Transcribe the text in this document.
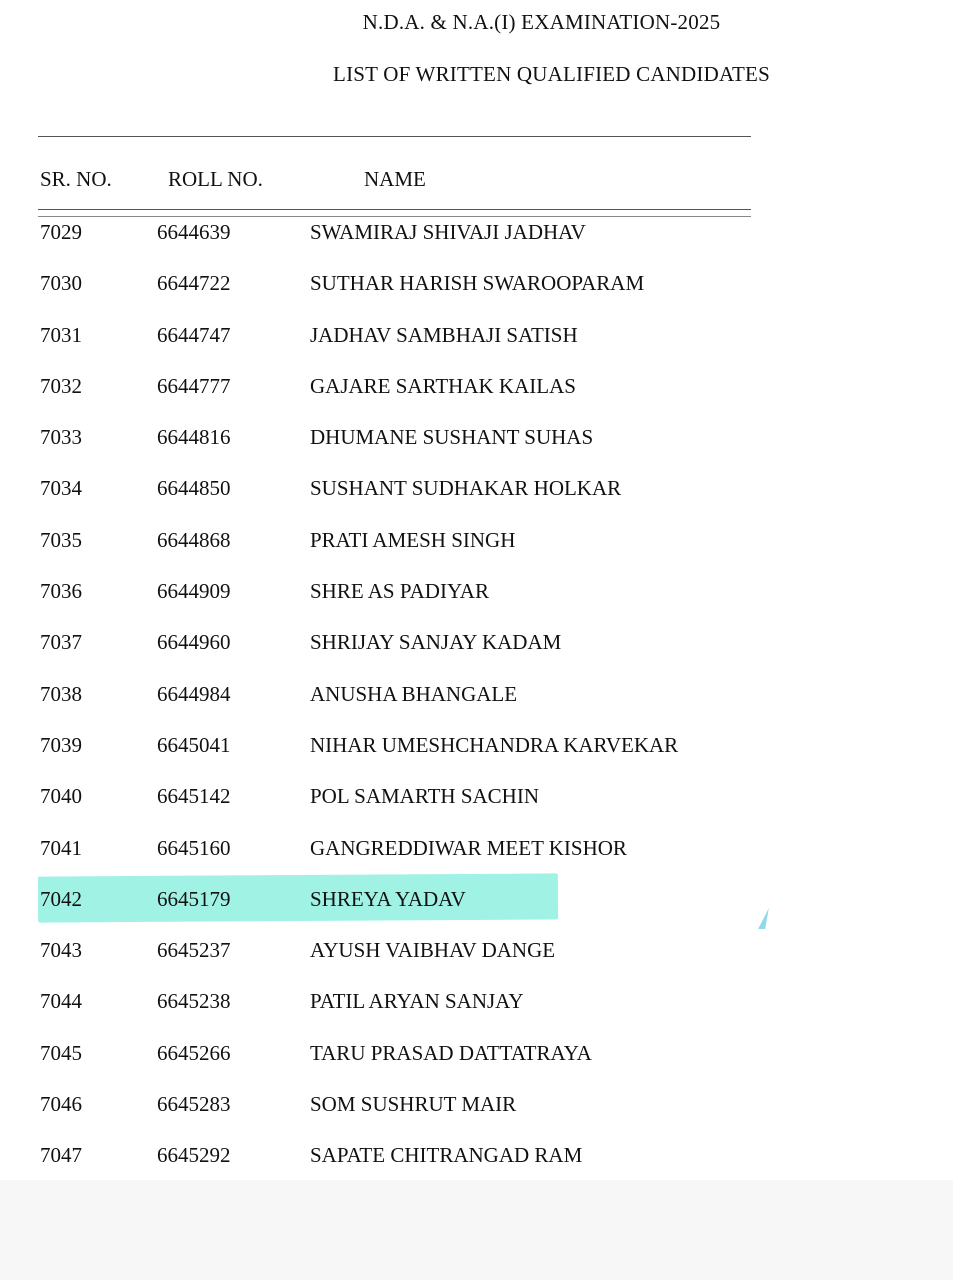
N.D.A. & N.A.(I) EXAMINATION-2025
LIST OF WRITTEN QUALIFIED CANDIDATES
SR. NO.	ROLL NO.	NAME
7029	6644639	SWAMIRAJ SHIVAJI JADHAV
7030	6644722	SUTHAR HARISH SWAROOPARAM
7031	6644747	JADHAV SAMBHAJI SATISH
7032	6644777	GAJARE SARTHAK KAILAS
7033	6644816	DHUMANE SUSHANT SUHAS
7034	6644850	SUSHANT SUDHAKAR HOLKAR
7035	6644868	PRATI AMESH SINGH
7036	6644909	SHRE AS PADIYAR
7037	6644960	SHRIJAY SANJAY KADAM
7038	6644984	ANUSHA BHANGALE
7039	6645041	NIHAR UMESHCHANDRA KARVEKAR
7040	6645142	POL SAMARTH SACHIN
7041	6645160	GANGREDDIWAR MEET KISHOR
7042	6645179	SHREYA YADAV
7043	6645237	AYUSH VAIBHAV DANGE
7044	6645238	PATIL ARYAN SANJAY
7045	6645266	TARU PRASAD DATTATRAYA
7046	6645283	SOM SUSHRUT MAIR
7047	6645292	SAPATE CHITRANGAD RAM
